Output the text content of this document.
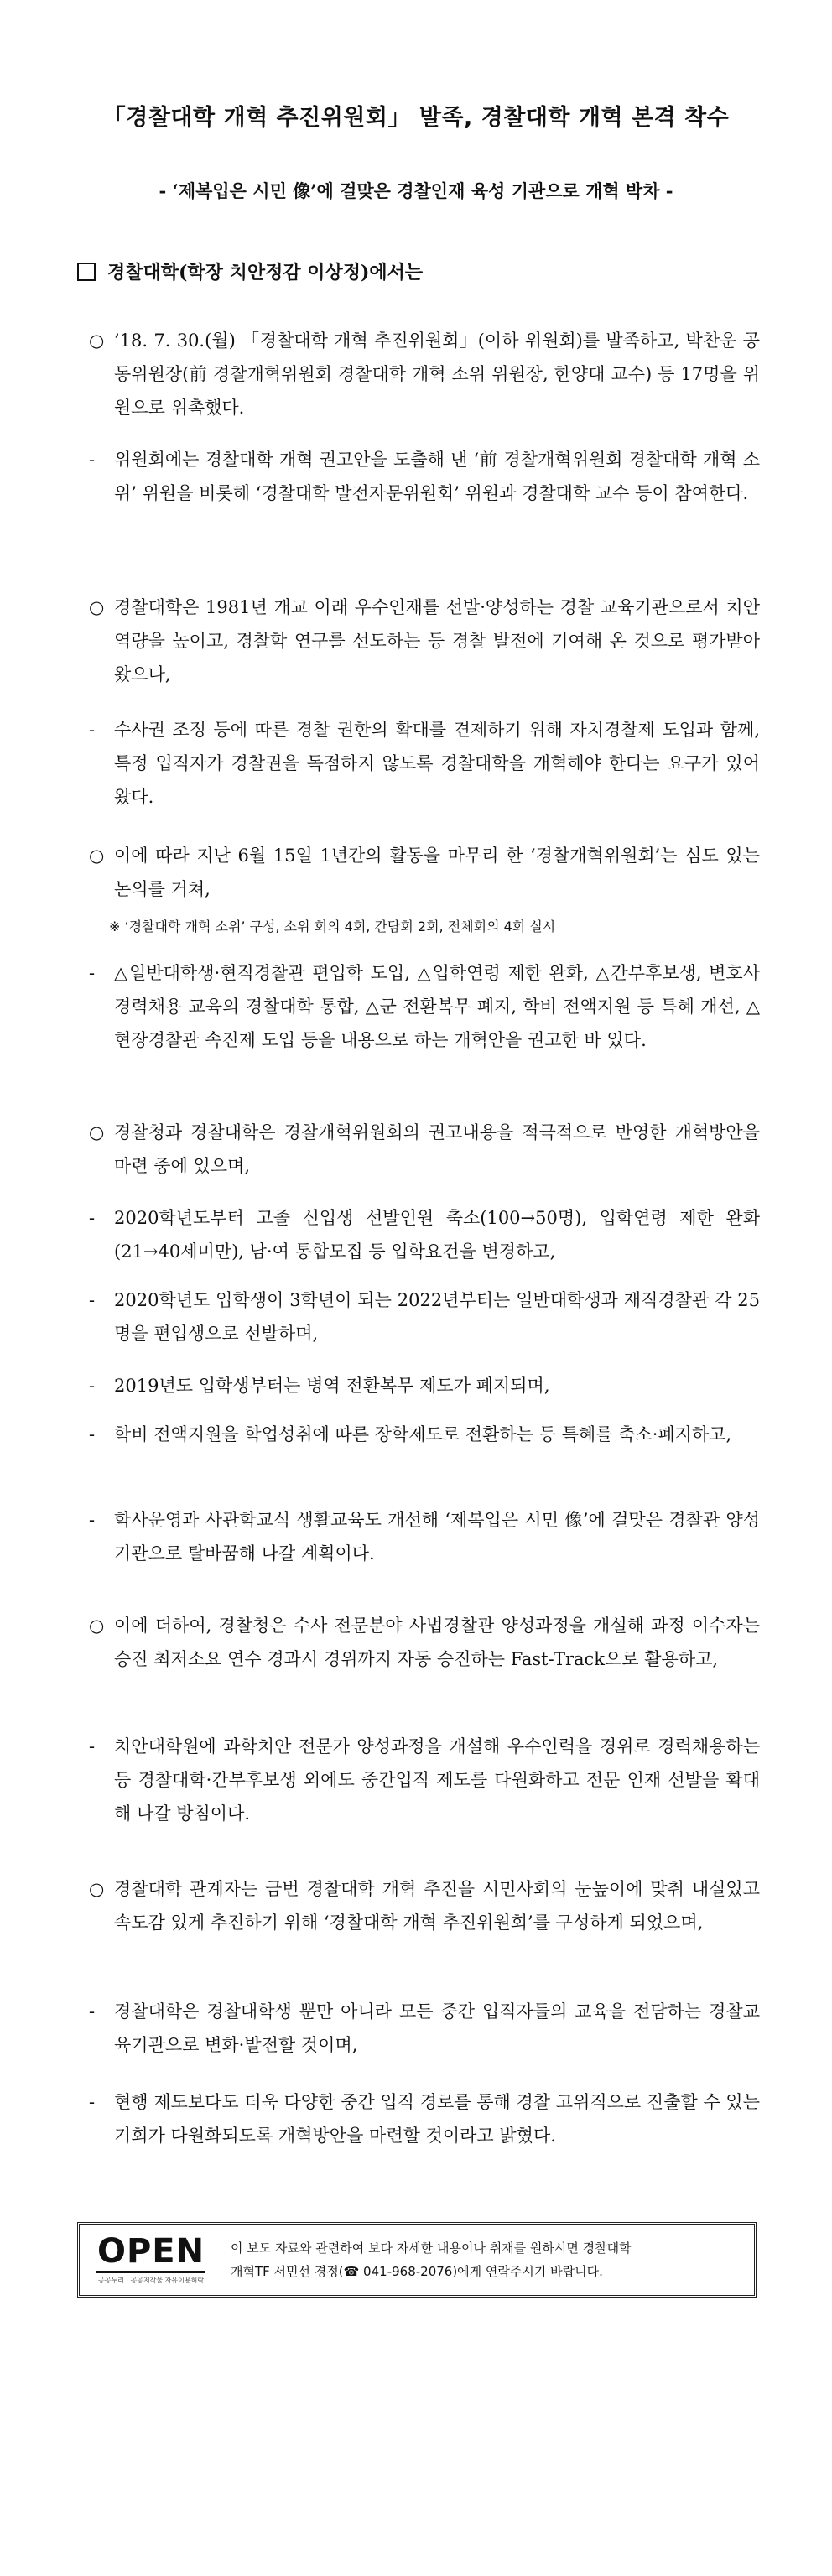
「경찰대학 개혁 추진위원회」 발족, 경찰대학 개혁 본격 착수
- ‘제복입은 시민 像’에 걸맞은 경찰인재 육성 기관으로 개혁 박차 -
경찰대학(학장 치안정감 이상정)에서는
○ ’18. 7. 30.(월) 「경찰대학 개혁 추진위원회」(이하 위원회)를 발족하고, 박찬운 공동위원장(前 경찰개혁위원회 경찰대학 개혁 소위 위원장, 한양대 교수) 등 17명을 위원으로 위촉했다.
-	위원회에는 경찰대학 개혁 권고안을 도출해 낸 ‘前 경찰개혁위원회 경찰대학 개혁 소위’ 위원을 비롯해 ‘경찰대학 발전자문위원회’ 위원과 경찰대학 교수 등이 참여한다.
○ 경찰대학은 1981년 개교 이래 우수인재를 선발·양성하는 경찰 교육기관으로서 치안역량을 높이고, 경찰학 연구를 선도하는 등 경찰 발전에 기여해 온 것으로 평가받아 왔으나,
-	수사권 조정 등에 따른 경찰 권한의 확대를 견제하기 위해 자치경찰제 도입과 함께, 특정 입직자가 경찰권을 독점하지 않도록 경찰대학을 개혁해야 한다는 요구가 있어 왔다.
○ 이에 따라 지난 6월 15일 1년간의 활동을 마무리 한 ‘경찰개혁위원회’는 심도 있는 논의를 거쳐,
※ ‘경찰대학 개혁 소위’ 구성, 소위 회의 4회, 간담회 2회, 전체회의 4회 실시
-	△일반대학생·현직경찰관 편입학 도입, △입학연령 제한 완화, △간부후보생, 변호사 경력채용 교육의 경찰대학 통합, △군 전환복무 폐지, 학비 전액지원 등 특혜 개선, △현장경찰관 속진제 도입 등을 내용으로 하는 개혁안을 권고한 바 있다.
○ 경찰청과 경찰대학은 경찰개혁위원회의 권고내용을 적극적으로 반영한 개혁방안을 마련 중에 있으며,
-	2020학년도부터 고졸 신입생 선발인원 축소(100→50명), 입학연령 제한 완화(21→40세미만), 남·여 통합모집 등 입학요건을 변경하고,
-	2020학년도 입학생이 3학년이 되는 2022년부터는 일반대학생과 재직경찰관 각 25명을 편입생으로 선발하며,
-	2019년도 입학생부터는 병역 전환복무 제도가 폐지되며,
-	학비 전액지원을 학업성취에 따른 장학제도로 전환하는 등 특혜를 축소·폐지하고,
-	학사운영과 사관학교식 생활교육도 개선해 ‘제복입은 시민 像’에 걸맞은 경찰관 양성기관으로 탈바꿈해 나갈 계획이다.
○ 이에 더하여, 경찰청은 수사 전문분야 사법경찰관 양성과정을 개설해 과정 이수자는 승진 최저소요 연수 경과시 경위까지 자동 승진하는 Fast-Track으로 활용하고,
-	치안대학원에 과학치안 전문가 양성과정을 개설해 우수인력을 경위로 경력채용하는 등 경찰대학·간부후보생 외에도 중간입직 제도를 다원화하고 전문 인재 선발을 확대해 나갈 방침이다.
○ 경찰대학 관계자는 금번 경찰대학 개혁 추진을 시민사회의 눈높이에 맞춰 내실있고 속도감 있게 추진하기 위해 ‘경찰대학 개혁 추진위원회’를 구성하게 되었으며,
-	경찰대학은 경찰대학생 뿐만 아니라 모든 중간 입직자들의 교육을 전담하는 경찰교육기관으로 변화·발전할 것이며,
-	현행 제도보다도 더욱 다양한 중간 입직 경로를 통해 경찰 고위직으로 진출할 수 있는 기회가 다원화되도록 개혁방안을 마련할 것이라고 밝혔다.
OPEN
공공누리 · 공공저작물 자유이용허락
이 보도 자료와 관련하여 보다 자세한 내용이나 취재를 원하시면 경찰대학
개혁TF 서민선 경정(☎ 041-968-2076)에게 연락주시기 바랍니다.
